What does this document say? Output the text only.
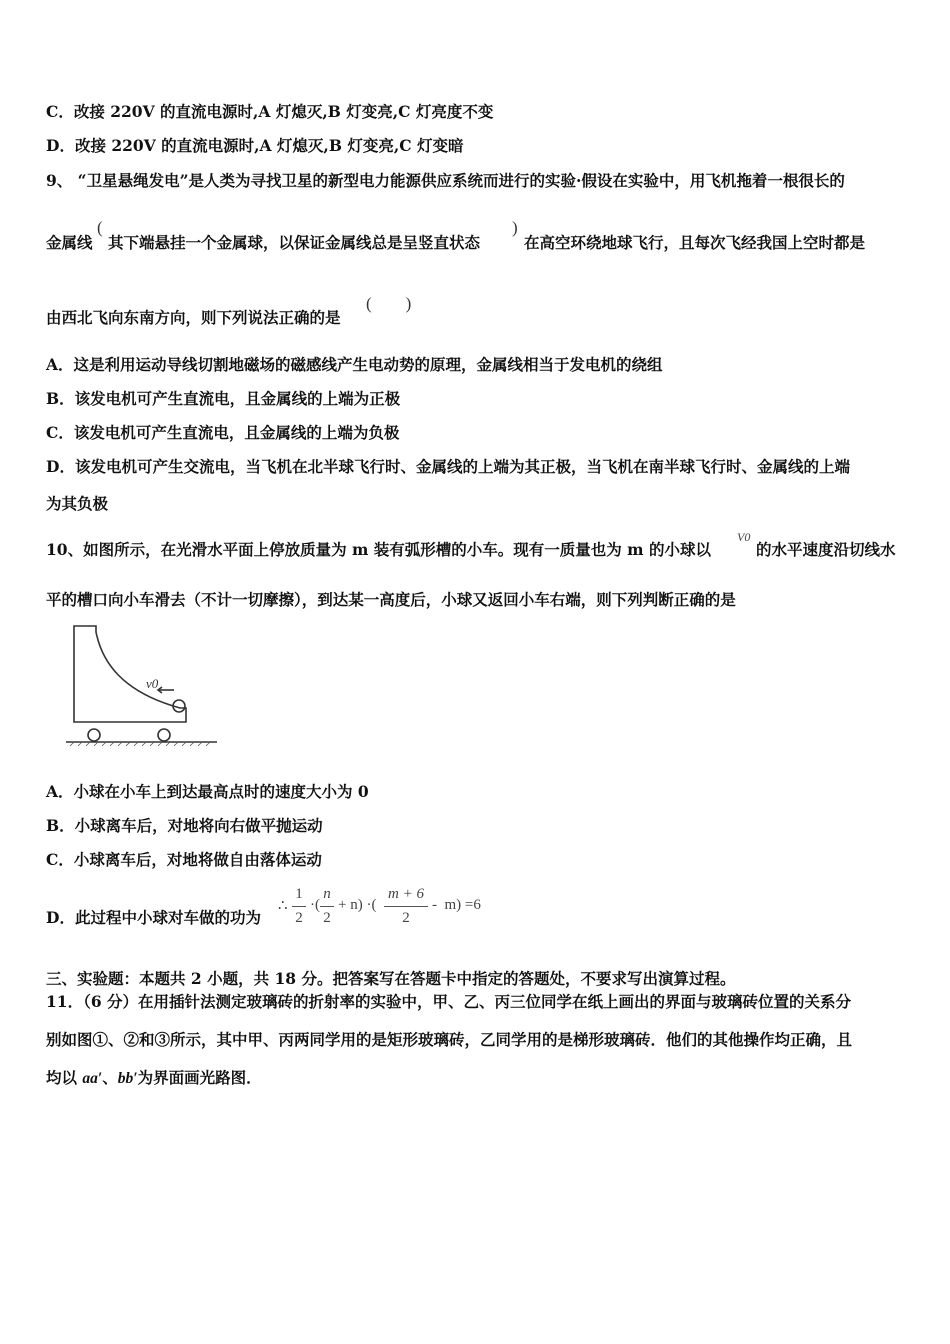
C．改接 220V 的直流电源时,A 灯熄灭,B 灯变亮,C 灯亮度不变
D．改接 220V 的直流电源时,A 灯熄灭,B 灯变亮,C 灯变暗
9、 “卫星悬绳发电”是人类为寻找卫星的新型电力能源供应系统而进行的实验·假设在实验中，用飞机拖着一根很长的
金属线
(
其下端悬挂一个金属球，以保证金属线总是呈竖直状态
)
在高空环绕地球飞行，且每次飞经我国上空时都是
由西北飞向东南方向，则下列说法正确的是
(        )
A．这是利用运动导线切割地磁场的磁感线产生电动势的原理，金属线相当于发电机的绕组
B．该发电机可产生直流电，且金属线的上端为正极
C．该发电机可产生直流电，且金属线的上端为负极
D．该发电机可产生交流电，当飞机在北半球飞行时、金属线的上端为其正极，当飞机在南半球飞行时、金属线的上端
为其负极
10、如图所示，在光滑水平面上停放质量为 m 装有弧形槽的小车。现有一质量也为 m 的小球以
V0
的水平速度沿切线水
平的槽口向小车滑去（不计一切摩擦），到达某一高度后，小球又返回小车右端，则下列判断正确的是
v0
A．小球在小车上到达最高点时的速度大小为 0
B．小球离车后，对地将向右做平抛运动
C．小球离车后，对地将做自由落体运动
D．此过程中小球对车做的功为
∴
1
2
·(
n
2
+ n) ·(
m + 6
2
-  m) =6
三、实验题：本题共 2 小题，共 18 分。把答案写在答题卡中指定的答题处，不要求写出演算过程。
11．（6 分）在用插针法测定玻璃砖的折射率的实验中，甲、乙、丙三位同学在纸上画出的界面与玻璃砖位置的关系分
别如图①、②和③所示，其中甲、丙两同学用的是矩形玻璃砖，乙同学用的是梯形玻璃砖．他们的其他操作均正确，且
均以 aa′、bb′为界面画光路图．
